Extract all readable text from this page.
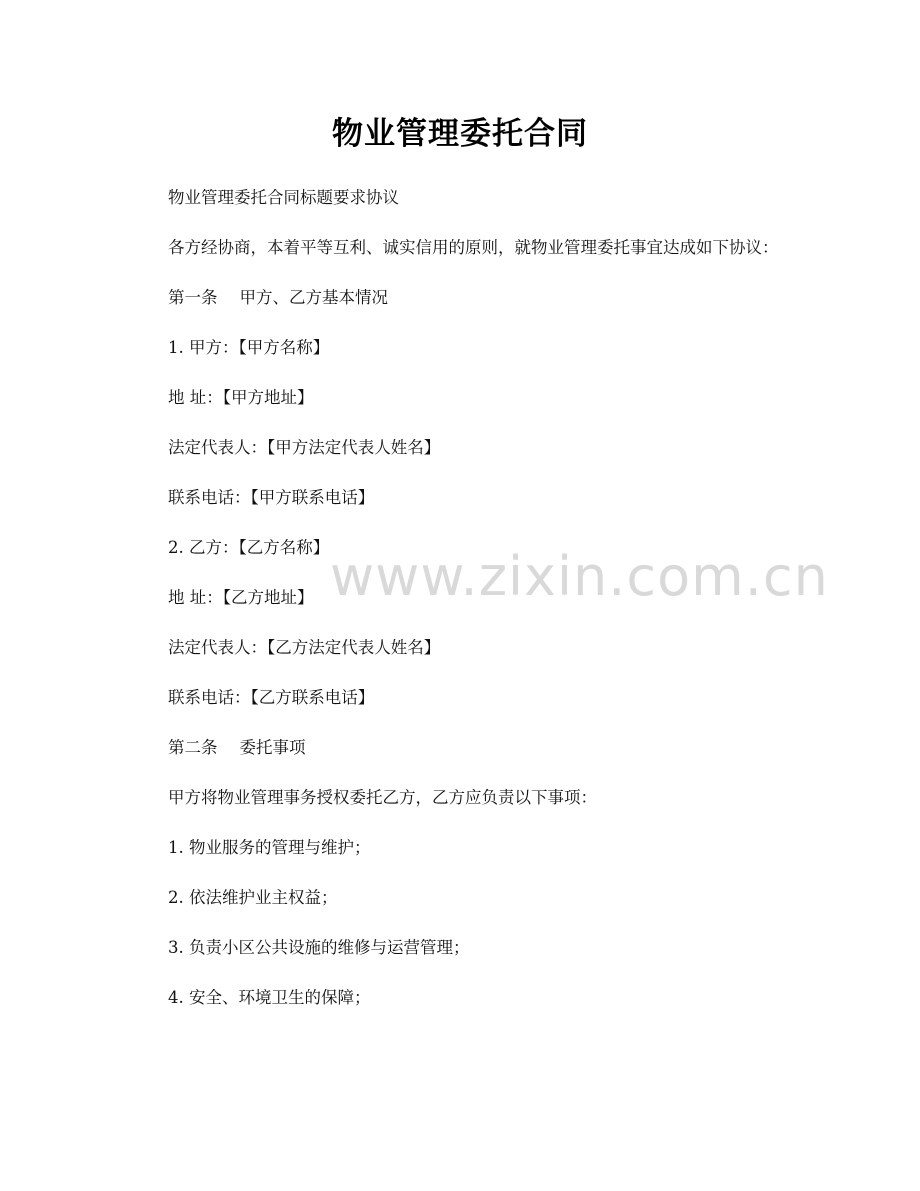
物业管理委托合同

物业管理委托合同标题要求协议

各方经协商，本着平等互利、诚实信用的原则，就物业管理委托事宜达成如下协议：

第一条 甲方、乙方基本情况

1. 甲方：【甲方名称】

地 址：【甲方地址】

法定代表人：【甲方法定代表人姓名】

联系电话：【甲方联系电话】

2. 乙方：【乙方名称】

地 址：【乙方地址】

法定代表人：【乙方法定代表人姓名】

联系电话：【乙方联系电话】

第二条 委托事项

甲方将物业管理事务授权委托乙方，乙方应负责以下事项：

1. 物业服务的管理与维护；

2. 依法维护业主权益；

3. 负责小区公共设施的维修与运营管理；

4. 安全、环境卫生的保障；

www.zixin.com.cn
